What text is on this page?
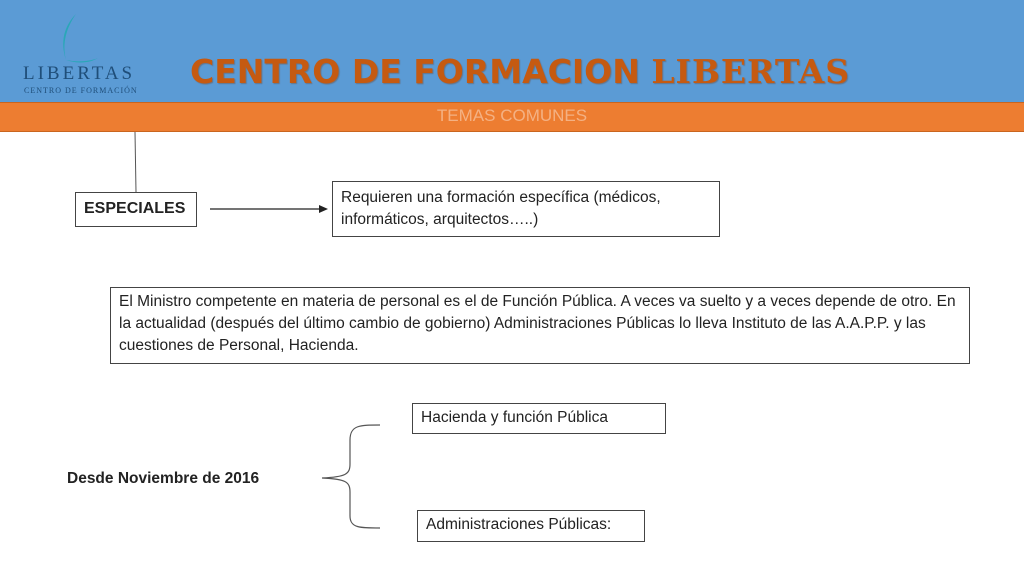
LIBERTAS
CENTRO DE FORMACIÓN CENTRO DE FORMACION LIBERTAS
TEMAS COMUNES
ESPECIALES
Requieren una formación específica (médicos, informáticos, arquitectos…..)
El Ministro competente en materia de personal es el de Función Pública. A veces va suelto y a veces depende de otro. En la actualidad (después del último cambio de gobierno) Administraciones Públicas lo lleva Instituto de las A.A.P.P. y las cuestiones de Personal, Hacienda.
Desde Noviembre de 2016
Hacienda y función Pública
Administraciones Públicas:
